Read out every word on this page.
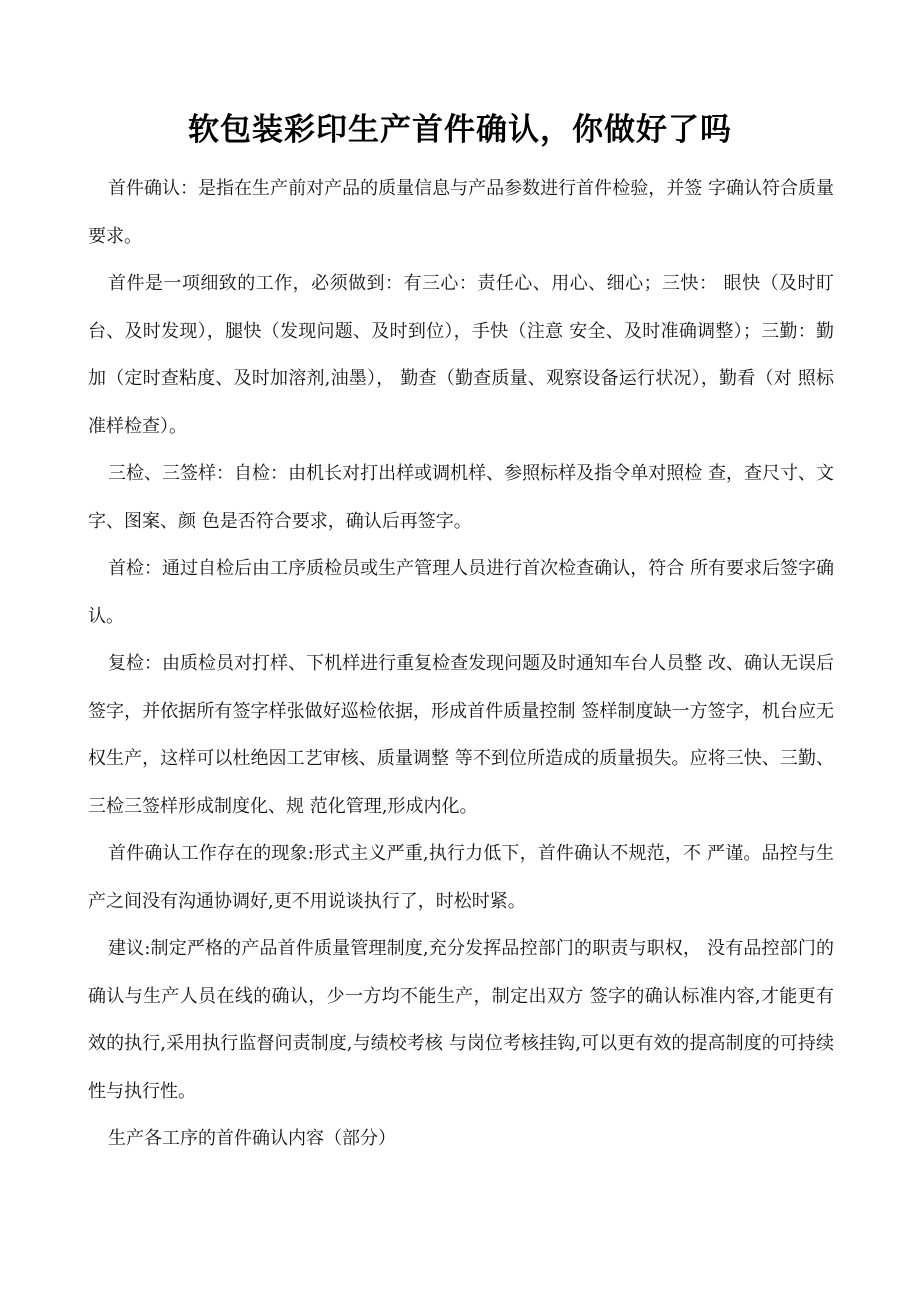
软包装彩印生产首件确认，你做好了吗

首件确认：是指在生产前对产品的质量信息与产品参数进行首件检验，并签 字确认符合质量要求。

首件是一项细致的工作，必须做到：有三心：责任心、用心、细心；三快： 眼快（及时盯台、及时发现），腿快（发现问题、及时到位），手快（注意 安全、及时准确调整）；三勤：勤加（定时查粘度、及时加溶剂,油墨）， 勤查（勤查质量、观察设备运行状况），勤看（对 照标准样检查）。

三检、三签样：自检：由机长对打出样或调机样、参照标样及指令单对照检 查，查尺寸、文字、图案、颜 色是否符合要求，确认后再签字。

首检：通过自检后由工序质检员或生产管理人员进行首次检查确认，符合 所有要求后签字确认。

复检：由质检员对打样、下机样进行重复检查发现问题及时通知车台人员整 改、确认无误后签字，并依据所有签字样张做好巡检依据，形成首件质量控制 签样制度缺一方签字，机台应无权生产，这样可以杜绝因工艺审核、质量调整 等不到位所造成的质量损失。应将三快、三勤、三检三签样形成制度化、规 范化管理,形成内化。

首件确认工作存在的现象:形式主义严重,执行力低下，首件确认不规范，不 严谨。品控与生产之间没有沟通协调好,更不用说谈执行了，时松时紧。

建议:制定严格的产品首件质量管理制度,充分发挥品控部门的职责与职权， 没有品控部门的确认与生产人员在线的确认，少一方均不能生产，制定出双方 签字的确认标准内容,才能更有效的执行,采用执行监督问责制度,与绩校考核 与岗位考核挂钩,可以更有效的提高制度的可持续性与执行性。

生产各工序的首件确认内容（部分）
